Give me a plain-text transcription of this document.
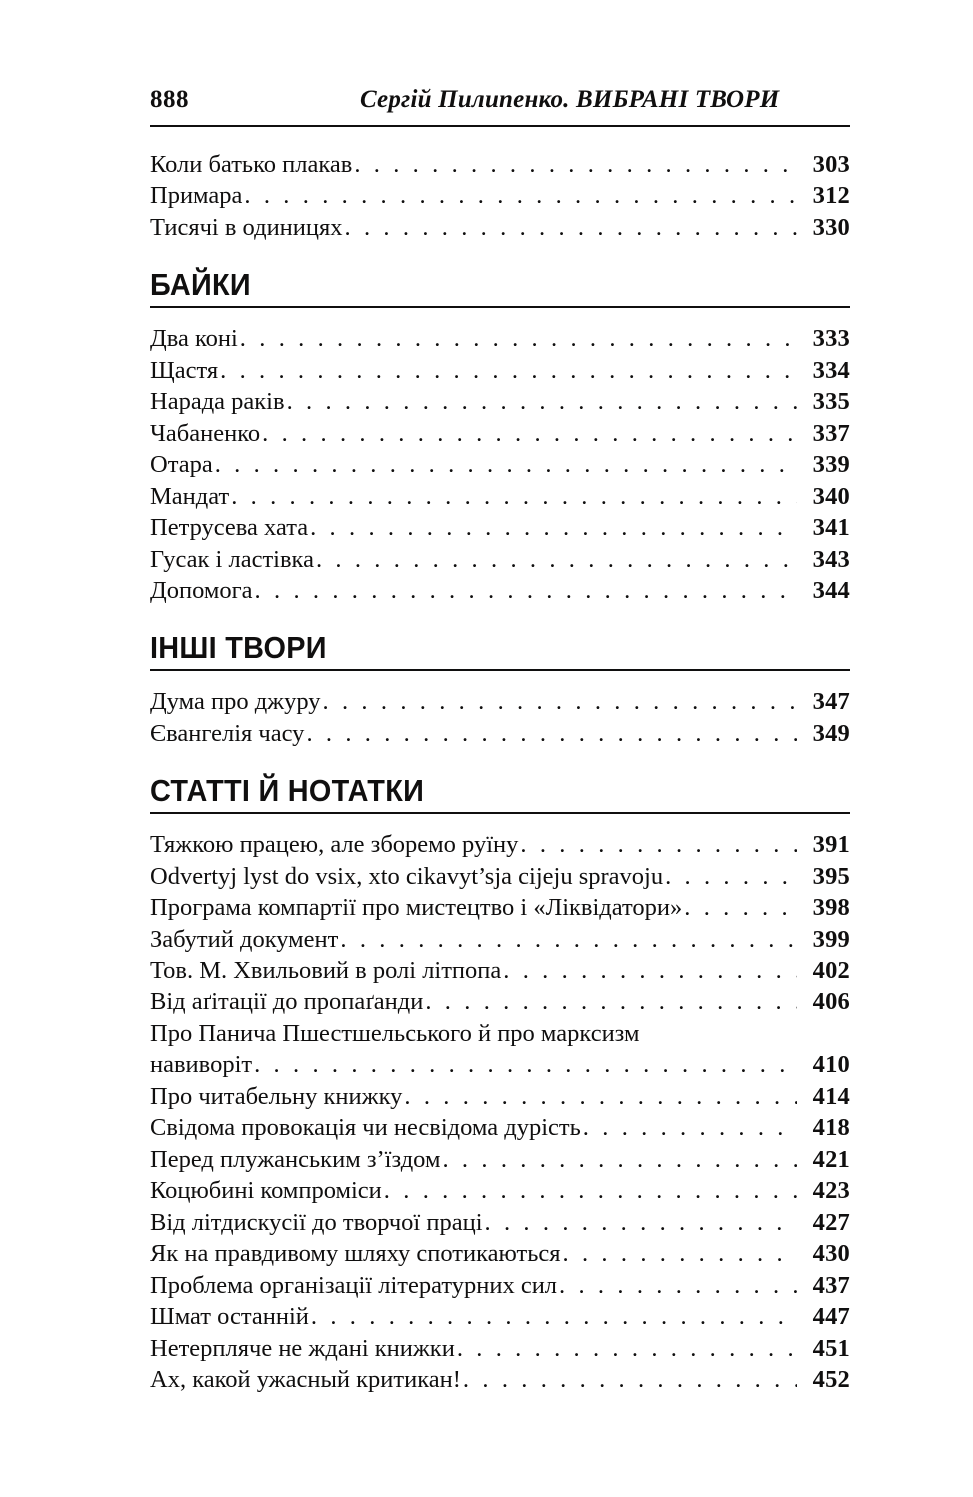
888	Сергій Пилипенко. ВИБРАНІ ТВОРИ
Коли батько плакав . . .	303
Примара . . .	312
Тисячі в одиницях . . .	330
БАЙКИ
Два коні . . .	333
Щастя . . .	334
Нарада раків . . .	335
Чабаненко . . .	337
Отара . . .	339
Мандат . . .	340
Петрусева хата . . .	341
Гусак і ластівка . . .	343
Допомога . . .	344
ІНШІ ТВОРИ
Дума про джуру . . .	347
Євангелія часу . . .	349
СТАТТІ Й НОТАТКИ
Тяжкою працею, але зборемо руїну . . .	391
Odvertyj lyst do vsix, xto cikavyt’sja cijeju spravoju . . .	395
Програма компартії про мистецтво і «Ліквідатори» . . .	398
Забутий документ . . .	399
Тов. М. Хвильовий в ролі літпопа . . .	402
Від аґітації до пропаґанди . . .	406
Про Панича Пшестшельського й про марксизм
навиворіт . . .	410
Про читабельну книжку . . .	414
Свідома провокація чи несвідома дурість . . .	418
Перед плужанським з’їздом . . .	421
Коцюбині компроміси . . .	423
Від літдискусії до творчої праці . . .	427
Як на правдивому шляху спотикаються . . .	430
Проблема організації літературних сил . . .	437
Шмат останній . . .	447
Нетерпляче не ждані книжки . . .	451
Ах, какой ужасный критикан! . . .	452
